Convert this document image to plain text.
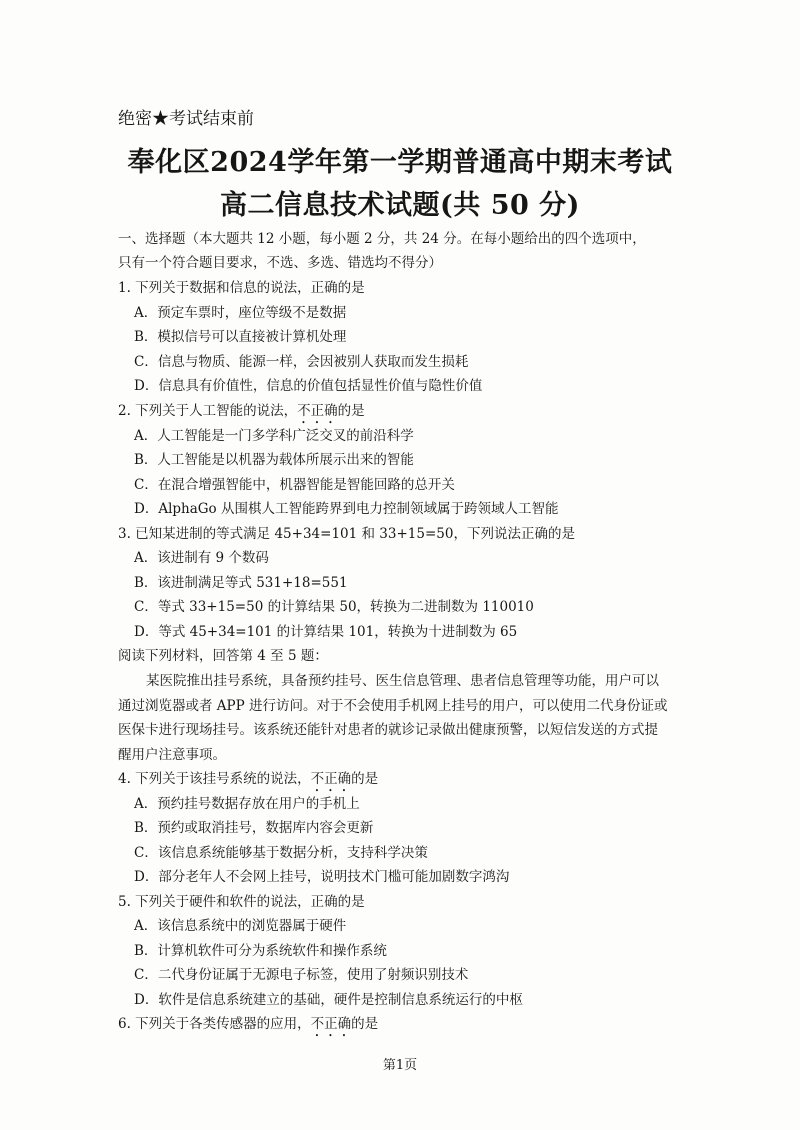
绝密★考试结束前
奉化区2024学年第一学期普通高中期末考试
高二信息技术试题(共 50 分)
一、选择题（本大题共 12 小题，每小题 2 分，共 24 分。在每小题给出的四个选项中，
只有一个符合题目要求，不选、多选、错选均不得分）
1. 下列关于数据和信息的说法，正确的是
A．预定车票时，座位等级不是数据
B．模拟信号可以直接被计算机处理
C．信息与物质、能源一样，会因被别人获取而发生损耗
D．信息具有价值性，信息的价值包括显性价值与隐性价值
2. 下列关于人工智能的说法，不正确的是
A．人工智能是一门多学科广泛交叉的前沿科学
B．人工智能是以机器为载体所展示出来的智能
C．在混合增强智能中，机器智能是智能回路的总开关
D．AlphaGo 从围棋人工智能跨界到电力控制领域属于跨领域人工智能
3. 已知某进制的等式满足 45+34=101 和 33+15=50，下列说法正确的是
A．该进制有 9 个数码
B．该进制满足等式 531+18=551
C．等式 33+15=50 的计算结果 50，转换为二进制数为 110010
D．等式 45+34=101 的计算结果 101，转换为十进制数为 65
阅读下列材料，回答第 4 至 5 题：
某医院推出挂号系统，具备预约挂号、医生信息管理、患者信息管理等功能，用户可以
通过浏览器或者 APP 进行访问。对于不会使用手机网上挂号的用户，可以使用二代身份证或
医保卡进行现场挂号。该系统还能针对患者的就诊记录做出健康预警，以短信发送的方式提
醒用户注意事项。
4. 下列关于该挂号系统的说法，不正确的是
A．预约挂号数据存放在用户的手机上
B．预约或取消挂号，数据库内容会更新
C．该信息系统能够基于数据分析，支持科学决策
D．部分老年人不会网上挂号，说明技术门槛可能加剧数字鸿沟
5. 下列关于硬件和软件的说法，正确的是
A．该信息系统中的浏览器属于硬件
B．计算机软件可分为系统软件和操作系统
C．二代身份证属于无源电子标签，使用了射频识别技术
D．软件是信息系统建立的基础，硬件是控制信息系统运行的中枢
6. 下列关于各类传感器的应用，不正确的是
第1页
